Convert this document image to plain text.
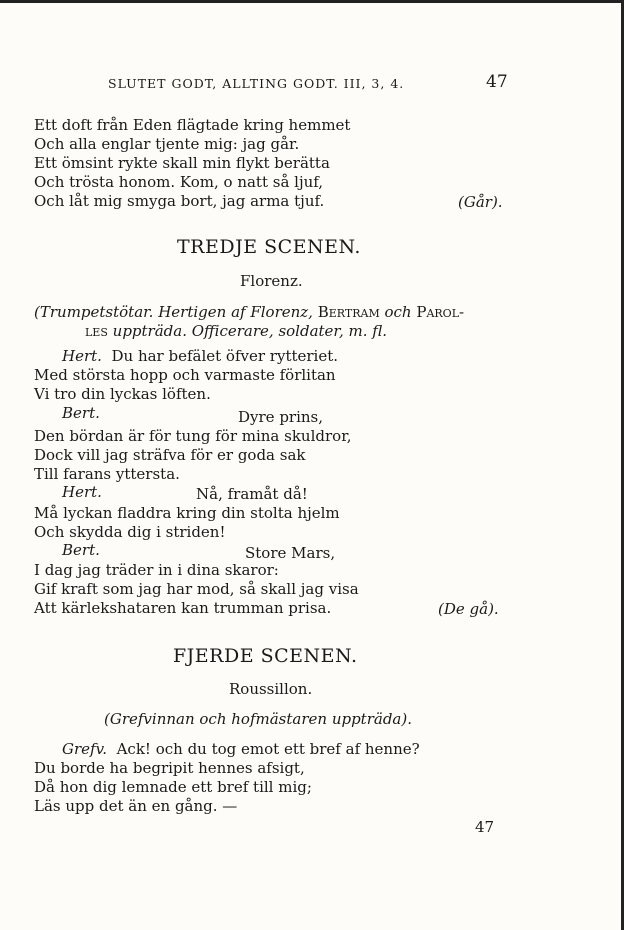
SLUTET GODT, ALLTING GODT. III, 3, 4.	47
Ett doft från Eden flägtade kring hemmet
Och alla englar tjente mig: jag går.
Ett ömsint rykte skall min flykt berätta
Och trösta honom. Kom, o natt så ljuf,
Och låt mig smyga bort, jag arma tjuf.	(Går).
TREDJE SCENEN.
Florenz.
(Trumpetstötar. Hertigen af Florenz, Bertram och Parol-
les uppträda. Officerare, soldater, m. fl.
Hert. Du har befälet öfver rytteriet.
Med största hopp och varmaste förlitan
Vi tro din lyckas löften.
Bert.	Dyre prins,
Den bördan är för tung för mina skuldror,
Dock vill jag sträfva för er goda sak
Till farans yttersta.
Hert.	Nå, framåt då!
Må lyckan fladdra kring din stolta hjelm
Och skydda dig i striden!
Bert.	Store Mars,
I dag jag träder in i dina skaror:
Gif kraft som jag har mod, så skall jag visa
Att kärlekshataren kan trumman prisa.	(De gå).
FJERDE SCENEN.
Roussillon.
(Grefvinnan och hofmästaren uppträda).
Grefv. Ack! och du tog emot ett bref af henne?
Du borde ha begripit hennes afsigt,
Då hon dig lemnade ett bref till mig;
Läs upp det än en gång. —
47
